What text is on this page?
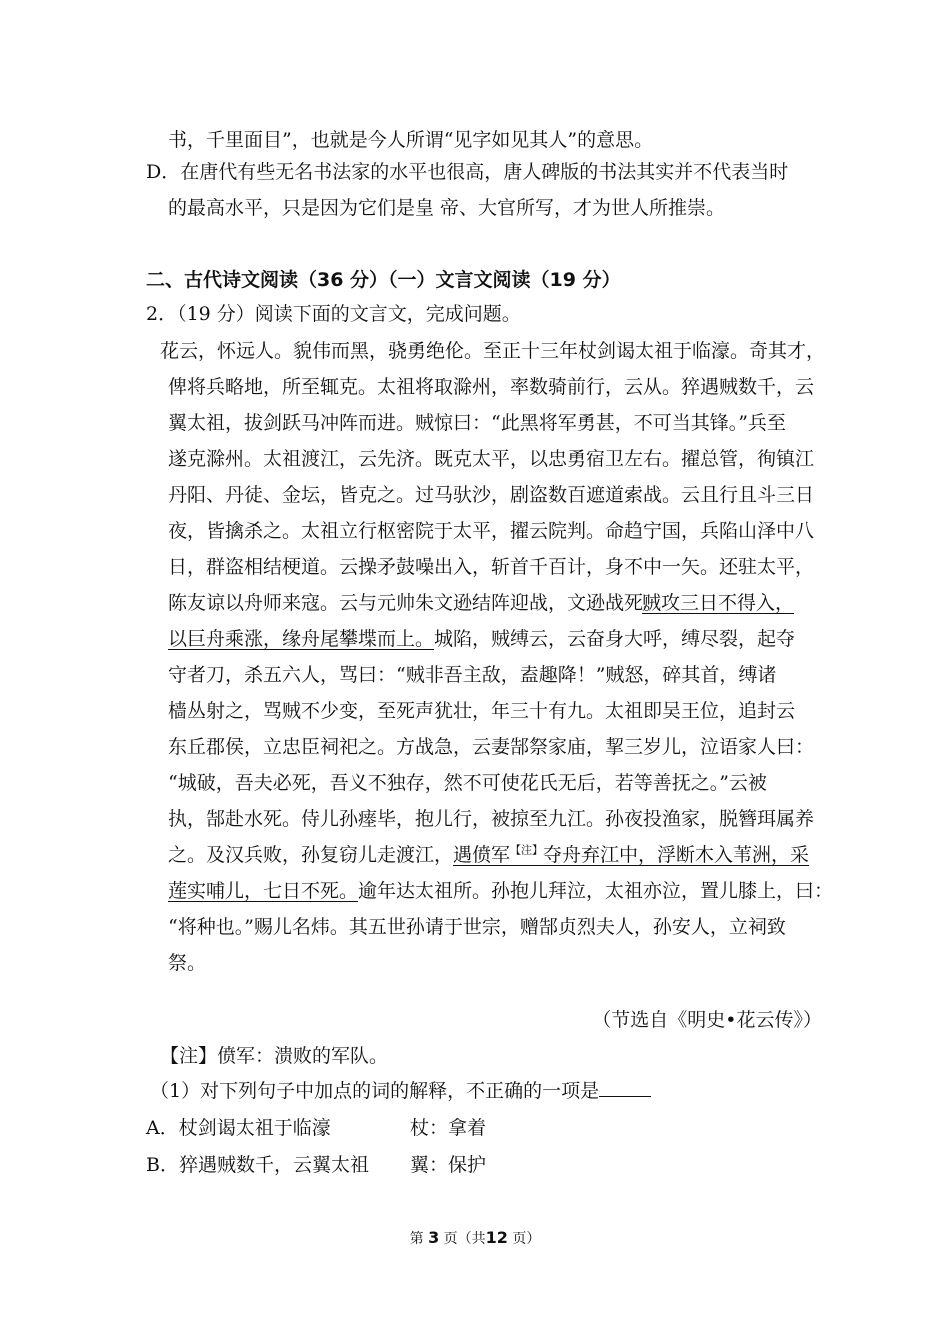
书，千里面目”，也就是今人所谓“见字如见其人”的意思。
D．在唐代有些无名书法家的水平也很高，唐人碑版的书法其实并不代表当时
的最高水平，只是因为它们是皇 帝、大官所写，才为世人所推崇。
二、古代诗文阅读（36 分）（一）文言文阅读（19 分）
2．（19 分）阅读下面的文言文，完成问题。
花云，怀远人。貌伟而黑，骁勇绝伦。至正十三年杖剑谒太祖于临濠。奇其才，
俾将兵略地，所至辄克。太祖将取滁州，率数骑前行，云从。猝遇贼数千，云
翼太祖，拔剑跃马冲阵而进。贼惊曰：“此黑将军勇甚，不可当其锋。”兵至
遂克滁州。太祖渡江，云先济。既克太平，以忠勇宿卫左右。擢总管，徇镇江
丹阳、丹徒、金坛，皆克之。过马驮沙，剧盗数百遮道索战。云且行且斗三日
夜，皆擒杀之。太祖立行枢密院于太平，擢云院判。命趋宁国，兵陷山泽中八
日，群盗相结梗道。云操矛鼓噪出入，斩首千百计，身不中一矢。还驻太平，
陈友谅以舟师来寇。云与元帅朱文逊结阵迎战，文逊战死。
贼攻三日不得入，
以巨舟乘涨，缘舟尾攀堞而上。城陷，贼缚云，云奋身大呼，缚尽裂，起夺
守者刀，杀五六人，骂曰：“贼非吾主敌，盍趣降！”贼怒，碎其首，缚诸
樯丛射之，骂贼不少变，至死声犹壮，年三十有九。太祖即吴王位，追封云
东丘郡侯，立忠臣祠祀之。方战急，云妻郜祭家庙，挈三岁儿，泣语家人曰：
“城破，吾夫必死，吾义不独存，然不可使花氏无后，若等善抚之。”云被
执，郜赴水死。侍儿孙瘗毕，抱儿行，被掠至九江。孙夜投渔家，脱簪珥属养
之。及汉兵败，孙复窃儿走渡江，遇偾军$^{【注】}$夺舟弃江中，浮断木入苇洲，采
莲实哺儿，七日不死。逾年达太祖所。孙抱儿拜泣，太祖亦泣，置儿膝上，曰：
“将种也。”赐儿名炜。其五世孙请于世宗，赠郜贞烈夫人，孙安人，立祠致
祭。
（节选自《明史•花云传》）
【注】偾军：溃败的军队。
（1）对下列句子中加点的词的解释，不正确的一项是
A．杖剑谒太祖于临濠	杖：拿着
B．猝遇贼数千，云翼太祖 翼：保护
第 3 页（共12 页）
